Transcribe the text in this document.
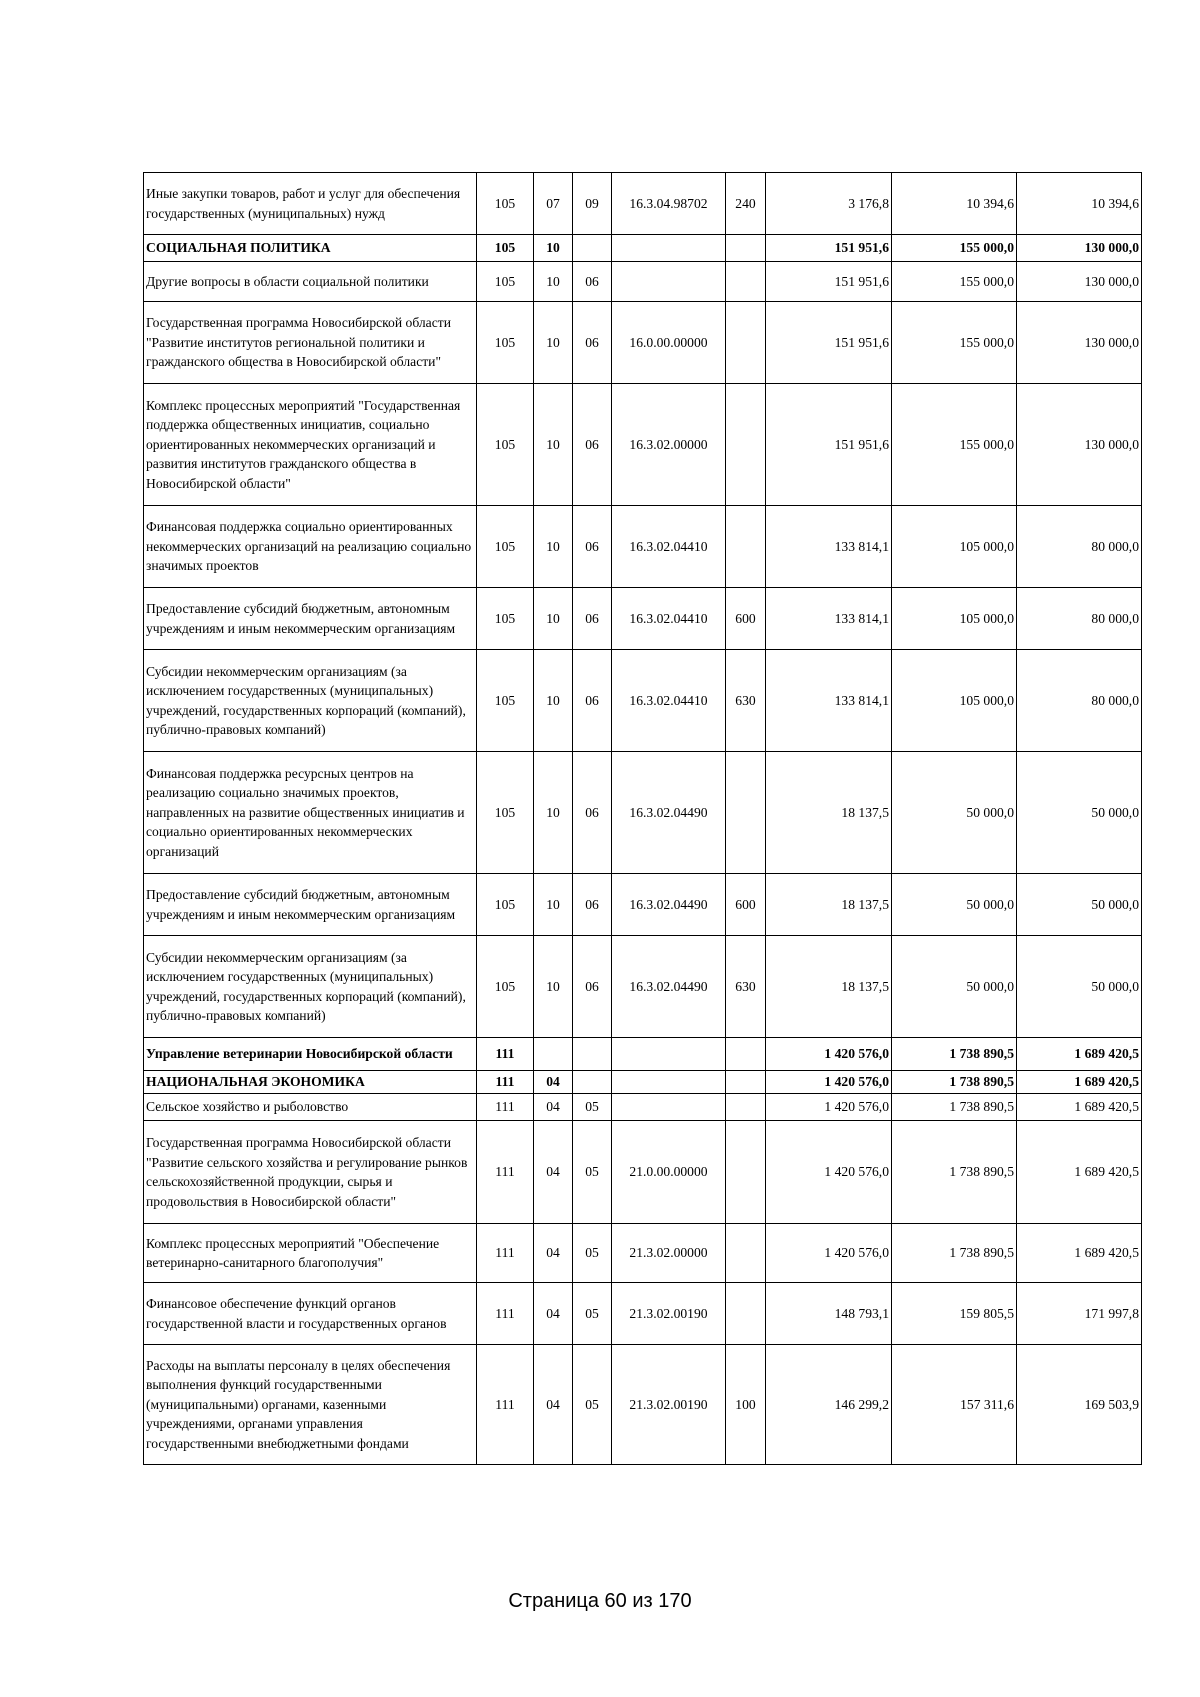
Иные закупки товаров, работ и услуг для обеспечения государственных (муниципальных) нужд	105	07	09	16.3.04.98702	240	3 176,8	10 394,6	10 394,6
СОЦИАЛЬНАЯ ПОЛИТИКА	105	10				151 951,6	155 000,0	130 000,0
Другие вопросы в области социальной политики	105	10	06			151 951,6	155 000,0	130 000,0
Государственная программа Новосибирской области "Развитие институтов региональной политики и гражданского общества в Новосибирской области"	105	10	06	16.0.00.00000		151 951,6	155 000,0	130 000,0
Комплекс процессных мероприятий "Государственная поддержка общественных инициатив, социально ориентированных некоммерческих организаций и развития институтов гражданского общества в Новосибирской области"	105	10	06	16.3.02.00000		151 951,6	155 000,0	130 000,0
Финансовая поддержка социально ориентированных некоммерческих организаций на реализацию социально значимых проектов	105	10	06	16.3.02.04410		133 814,1	105 000,0	80 000,0
Предоставление субсидий бюджетным, автономным учреждениям и иным некоммерческим организациям	105	10	06	16.3.02.04410	600	133 814,1	105 000,0	80 000,0
Субсидии некоммерческим организациям (за исключением государственных (муниципальных) учреждений, государственных корпораций (компаний), публично-правовых компаний)	105	10	06	16.3.02.04410	630	133 814,1	105 000,0	80 000,0
Финансовая поддержка ресурсных центров на реализацию социально значимых проектов, направленных на развитие общественных инициатив и социально ориентированных некоммерческих организаций	105	10	06	16.3.02.04490		18 137,5	50 000,0	50 000,0
Предоставление субсидий бюджетным, автономным учреждениям и иным некоммерческим организациям	105	10	06	16.3.02.04490	600	18 137,5	50 000,0	50 000,0
Субсидии некоммерческим организациям (за исключением государственных (муниципальных) учреждений, государственных корпораций (компаний), публично-правовых компаний)	105	10	06	16.3.02.04490	630	18 137,5	50 000,0	50 000,0
Управление ветеринарии Новосибирской области	111					1 420 576,0	1 738 890,5	1 689 420,5
НАЦИОНАЛЬНАЯ ЭКОНОМИКА	111	04				1 420 576,0	1 738 890,5	1 689 420,5
Сельское хозяйство и рыболовство	111	04	05			1 420 576,0	1 738 890,5	1 689 420,5
Государственная программа Новосибирской области "Развитие сельского хозяйства и регулирование рынков сельскохозяйственной продукции, сырья и продовольствия в Новосибирской области"	111	04	05	21.0.00.00000		1 420 576,0	1 738 890,5	1 689 420,5
Комплекс процессных мероприятий "Обеспечение ветеринарно-санитарного благополучия"	111	04	05	21.3.02.00000		1 420 576,0	1 738 890,5	1 689 420,5
Финансовое обеспечение функций органов государственной власти и государственных органов	111	04	05	21.3.02.00190		148 793,1	159 805,5	171 997,8
Расходы на выплаты персоналу в целях обеспечения выполнения функций государственными (муниципальными) органами, казенными учреждениями, органами управления государственными внебюджетными фондами	111	04	05	21.3.02.00190	100	146 299,2	157 311,6	169 503,9
Страница 60 из 170
